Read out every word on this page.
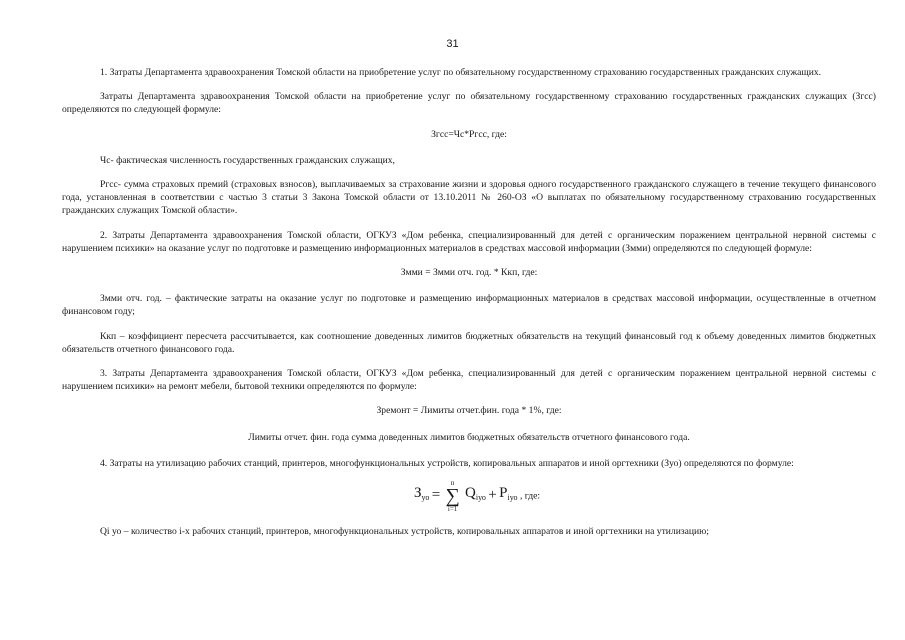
31

1. Затраты Департамента здравоохранения Томской области на приобретение услуг по обязательному государственному страхованию государственных гражданских служащих.

Затраты Департамента здравоохранения Томской области на приобретение услуг по обязательному государственному страхованию государственных гражданских служащих (Згсс) определяются по следующей формуле:

Згсс=Чс*Ргсс, где:

Чс- фактическая численность государственных гражданских служащих,

Ргсс- сумма страховых премий (страховых взносов), выплачиваемых за страхование жизни и здоровья одного государственного гражданского служащего в течение текущего финансового года, установленная в соответствии с частью 3 статьи 3 Закона Томской области от 13.10.2011 № 260-ОЗ «О выплатах по обязательному государственному страхованию государственных гражданских служащих Томской области».

2. Затраты Департамента здравоохранения Томской области, ОГКУЗ «Дом ребенка, специализированный для детей с органическим поражением центральной нервной системы с нарушением психики» на оказание услуг по подготовке и размещению информационных материалов в средствах массовой информации (Змми) определяются по следующей формуле:

Змми = Змми отч. год. * Ккп, где:

Змми отч. год. – фактические затраты на оказание услуг по подготовке и размещению информационных материалов в средствах массовой информации, осуществленные в отчетном финансовом году;

Ккп – коэффициент пересчета рассчитывается, как соотношение доведенных лимитов бюджетных обязательств на текущий финансовый год к объему доведенных лимитов бюджетных обязательств отчетного финансового года.

3. Затраты Департамента здравоохранения Томской области, ОГКУЗ «Дом ребенка, специализированный для детей с органическим поражением центральной нервной системы с нарушением психики» на ремонт мебели, бытовой техники определяются по формуле:

Зремонт = Лимиты отчет.фин. года * 1%, где:

Лимиты отчет. фин. года сумма доведенных лимитов бюджетных обязательств отчетного финансового года.

4. Затраты на утилизацию рабочих станций, принтеров, многофункциональных устройств, копировальных аппаратов и иной оргтехники (Зуо) определяются по формуле:

$З_{уо}$ =
n
∑
i=1
$Q_{iуо} + P_{iуо}$ , где:

Qi уо – количество i-х рабочих станций, принтеров, многофункциональных устройств, копировальных аппаратов и иной оргтехники на утилизацию;
